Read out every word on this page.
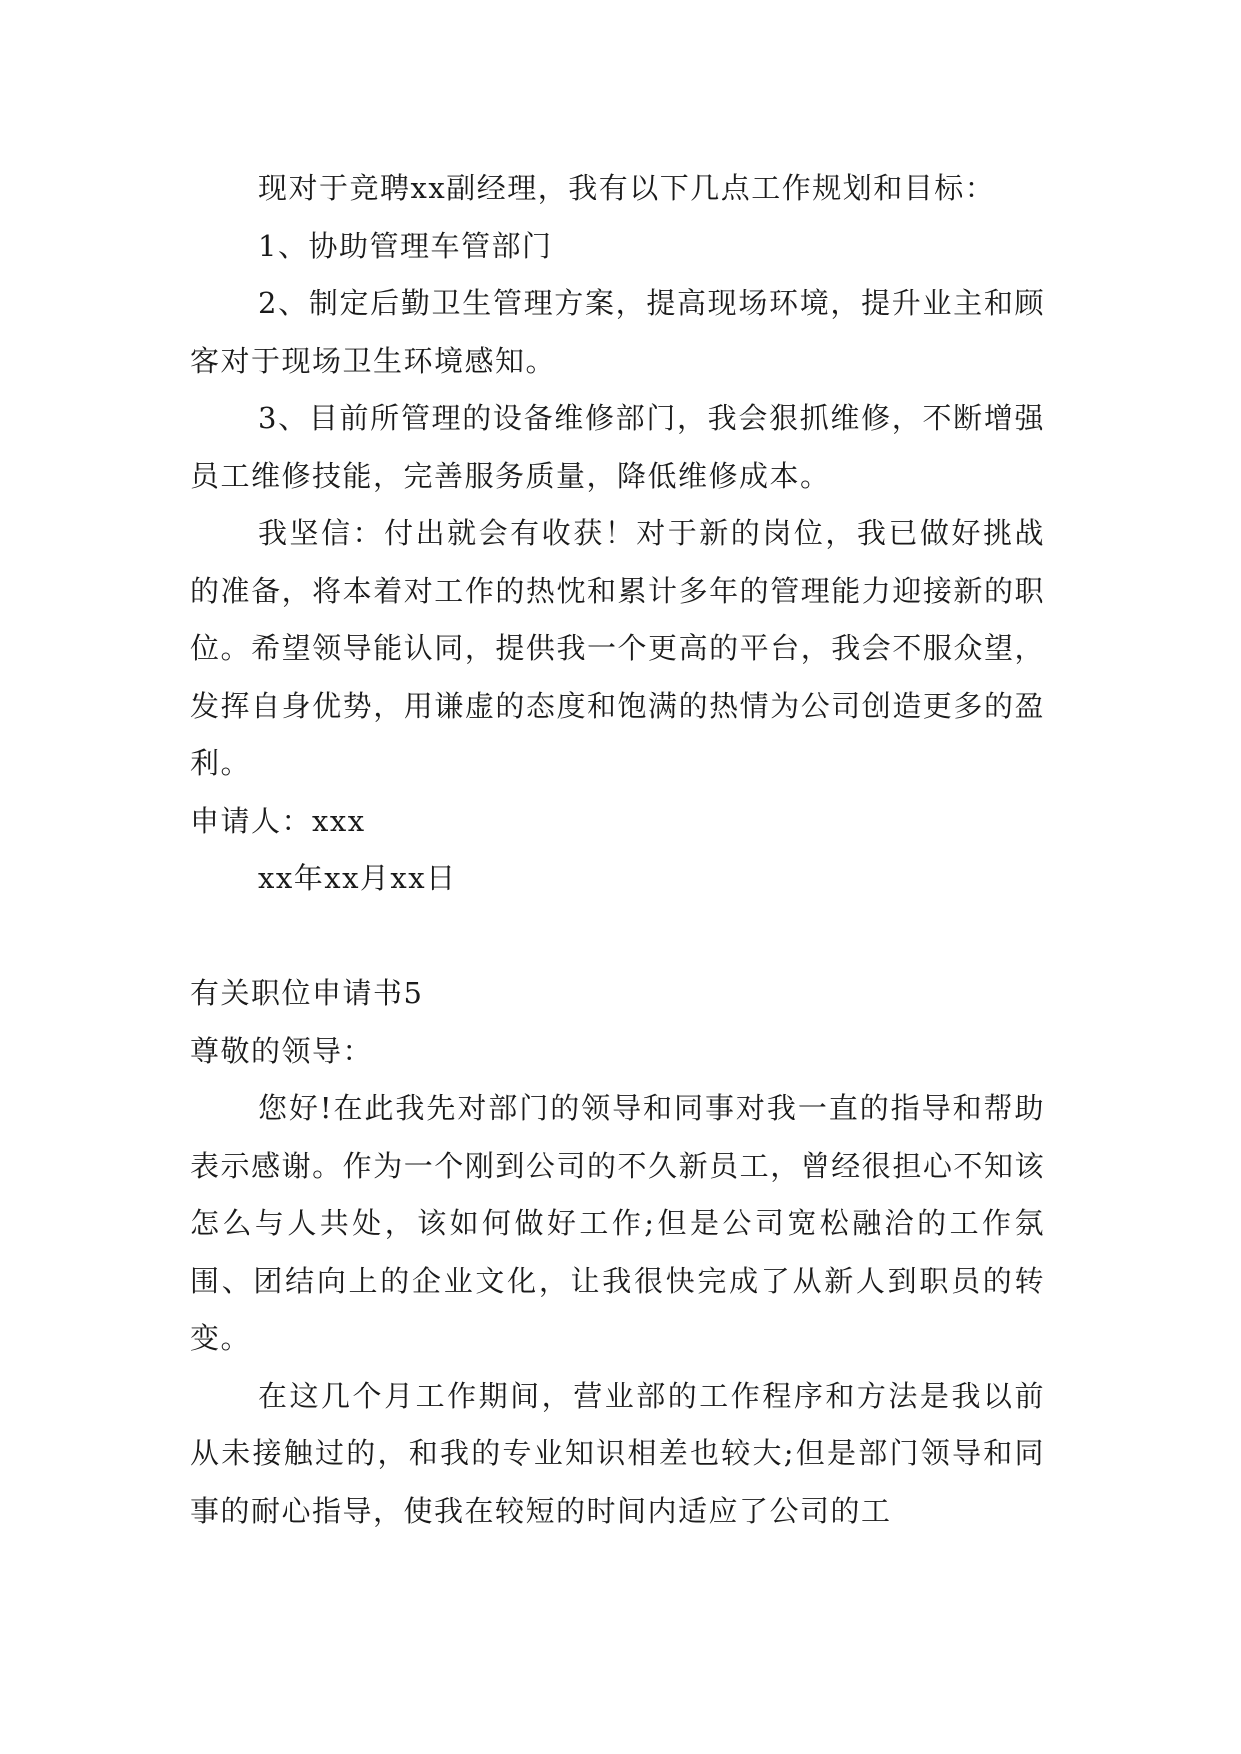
现对于竞聘xx副经理，我有以下几点工作规划和目标：

1、协助管理车管部门

2、制定后勤卫生管理方案，提高现场环境，提升业主和顾客对于现场卫生环境感知。

3、目前所管理的设备维修部门，我会狠抓维修，不断增强员工维修技能，完善服务质量，降低维修成本。

我坚信：付出就会有收获！对于新的岗位，我已做好挑战的准备，将本着对工作的热忱和累计多年的管理能力迎接新的职位。希望领导能认同，提供我一个更高的平台，我会不服众望，发挥自身优势，用谦虚的态度和饱满的热情为公司创造更多的盈利。

申请人：xxx

xx年xx月xx日

有关职位申请书5

尊敬的领导：

您好!在此我先对部门的领导和同事对我一直的指导和帮助表示感谢。作为一个刚到公司的不久新员工，曾经很担心不知该怎么与人共处，该如何做好工作;但是公司宽松融洽的工作氛围、团结向上的企业文化，让我很快完成了从新人到职员的转变。

在这几个月工作期间，营业部的工作程序和方法是我以前从未接触过的，和我的专业知识相差也较大;但是部门领导和同事的耐心指导，使我在较短的时间内适应了公司的工
